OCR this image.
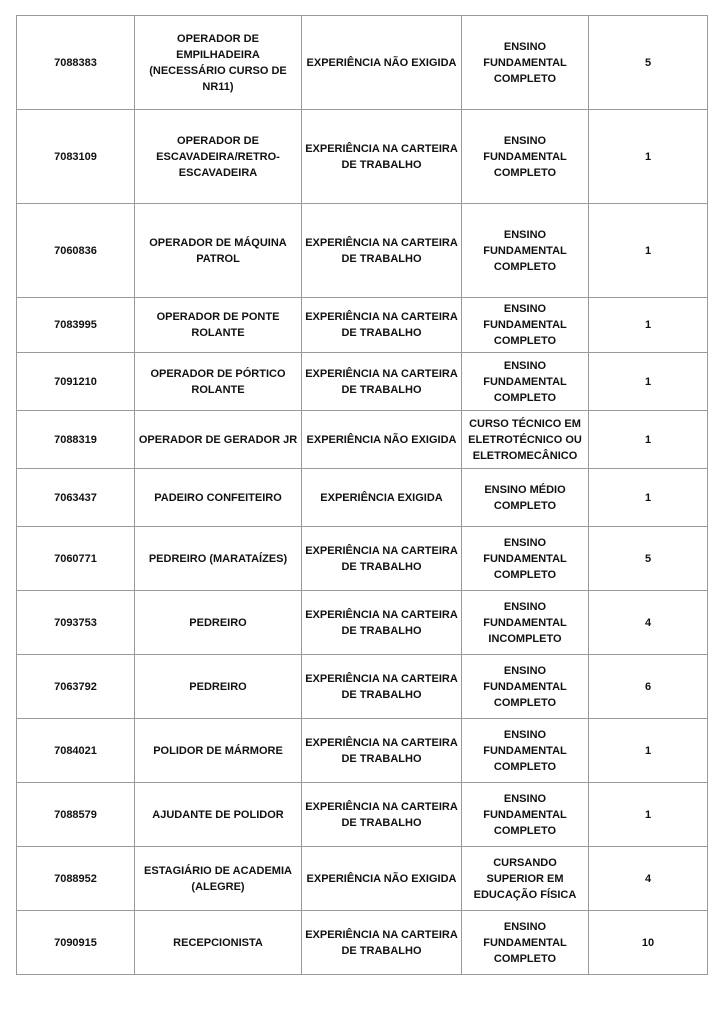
7088383	OPERADOR DE EMPILHADEIRA (NECESSÁRIO CURSO DE NR11)	EXPERIÊNCIA NÃO EXIGIDA	ENSINO FUNDAMENTAL COMPLETO	5
7083109	OPERADOR DE ESCAVADEIRA/RETRO-ESCAVADEIRA	EXPERIÊNCIA NA CARTEIRA DE TRABALHO	ENSINO FUNDAMENTAL COMPLETO	1
7060836	OPERADOR DE MÁQUINA PATROL	EXPERIÊNCIA NA CARTEIRA DE TRABALHO	ENSINO FUNDAMENTAL COMPLETO	1
7083995	OPERADOR DE PONTE ROLANTE	EXPERIÊNCIA NA CARTEIRA DE TRABALHO	ENSINO FUNDAMENTAL COMPLETO	1
7091210	OPERADOR DE PÓRTICO ROLANTE	EXPERIÊNCIA NA CARTEIRA DE TRABALHO	ENSINO FUNDAMENTAL COMPLETO	1
7088319	OPERADOR DE GERADOR JR	EXPERIÊNCIA NÃO EXIGIDA	CURSO TÉCNICO EM ELETROTÉCNICO OU ELETROMECÂNICO	1
7063437	PADEIRO CONFEITEIRO	EXPERIÊNCIA EXIGIDA	ENSINO MÉDIO COMPLETO	1
7060771	PEDREIRO (MARATAÍZES)	EXPERIÊNCIA NA CARTEIRA DE TRABALHO	ENSINO FUNDAMENTAL COMPLETO	5
7093753	PEDREIRO	EXPERIÊNCIA NA CARTEIRA DE TRABALHO	ENSINO FUNDAMENTAL INCOMPLETO	4
7063792	PEDREIRO	EXPERIÊNCIA NA CARTEIRA DE TRABALHO	ENSINO FUNDAMENTAL COMPLETO	6
7084021	POLIDOR DE MÁRMORE	EXPERIÊNCIA NA CARTEIRA DE TRABALHO	ENSINO FUNDAMENTAL COMPLETO	1
7088579	AJUDANTE DE POLIDOR	EXPERIÊNCIA NA CARTEIRA DE TRABALHO	ENSINO FUNDAMENTAL COMPLETO	1
7088952	ESTAGIÁRIO DE ACADEMIA (ALEGRE)	EXPERIÊNCIA NÃO EXIGIDA	CURSANDO SUPERIOR EM EDUCAÇÃO FÍSICA	4
7090915	RECEPCIONISTA	EXPERIÊNCIA NA CARTEIRA DE TRABALHO	ENSINO FUNDAMENTAL COMPLETO	10
